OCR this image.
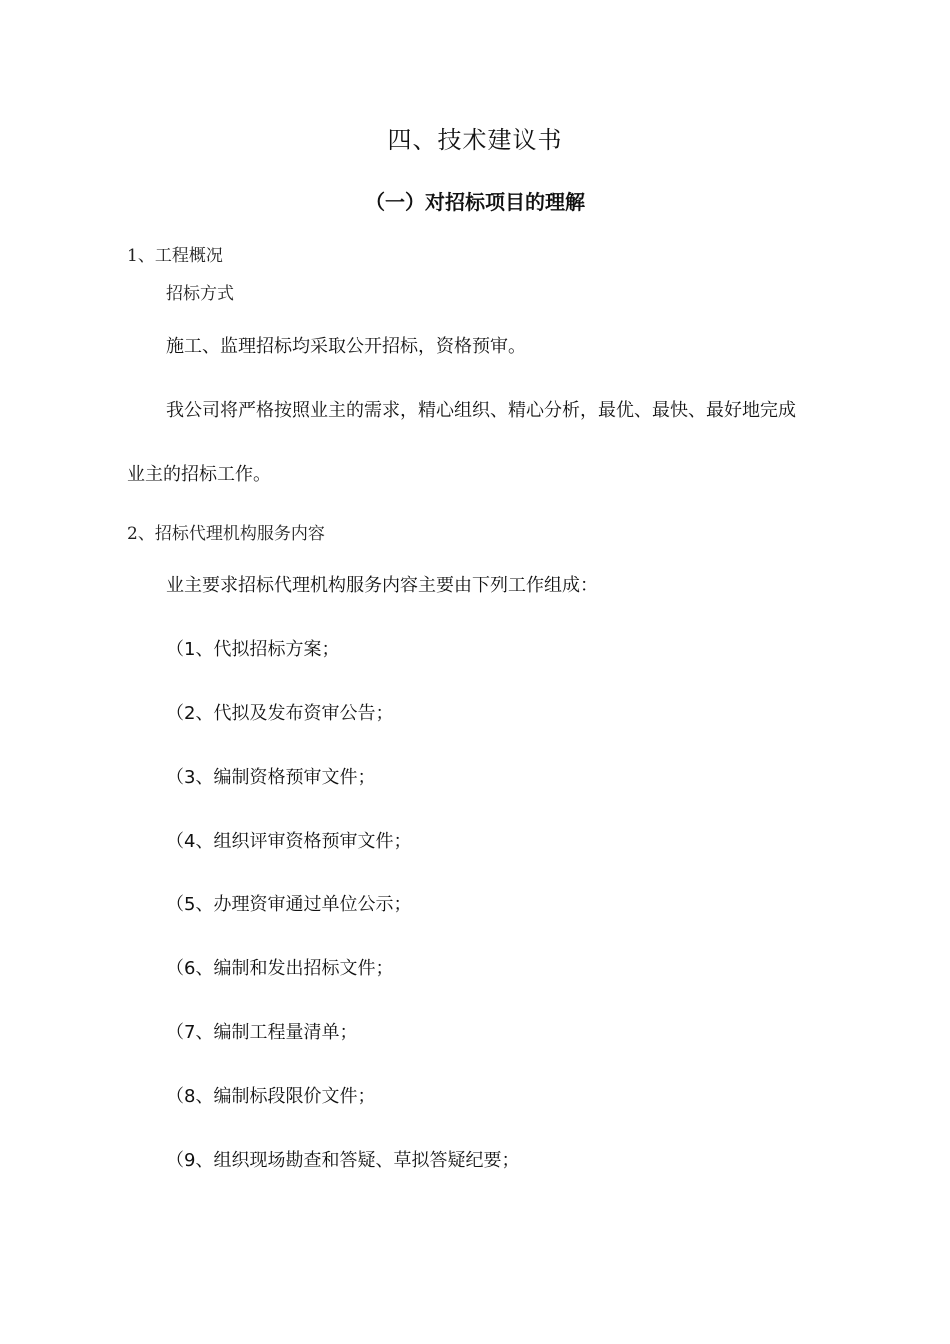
四、技术建议书
（一）对招标项目的理解
1、工程概况
招标方式
施工、监理招标均采取公开招标，资格预审。
我公司将严格按照业主的需求，精心组织、精心分析，最优、最快、最好地完成
业主的招标工作。
2、招标代理机构服务内容
业主要求招标代理机构服务内容主要由下列工作组成：
（1、代拟招标方案；
（2、代拟及发布资审公告；
（3、编制资格预审文件；
（4、组织评审资格预审文件；
（5、办理资审通过单位公示；
（6、编制和发出招标文件；
（7、编制工程量清单；
（8、编制标段限价文件；
（9、组织现场勘查和答疑、草拟答疑纪要；
